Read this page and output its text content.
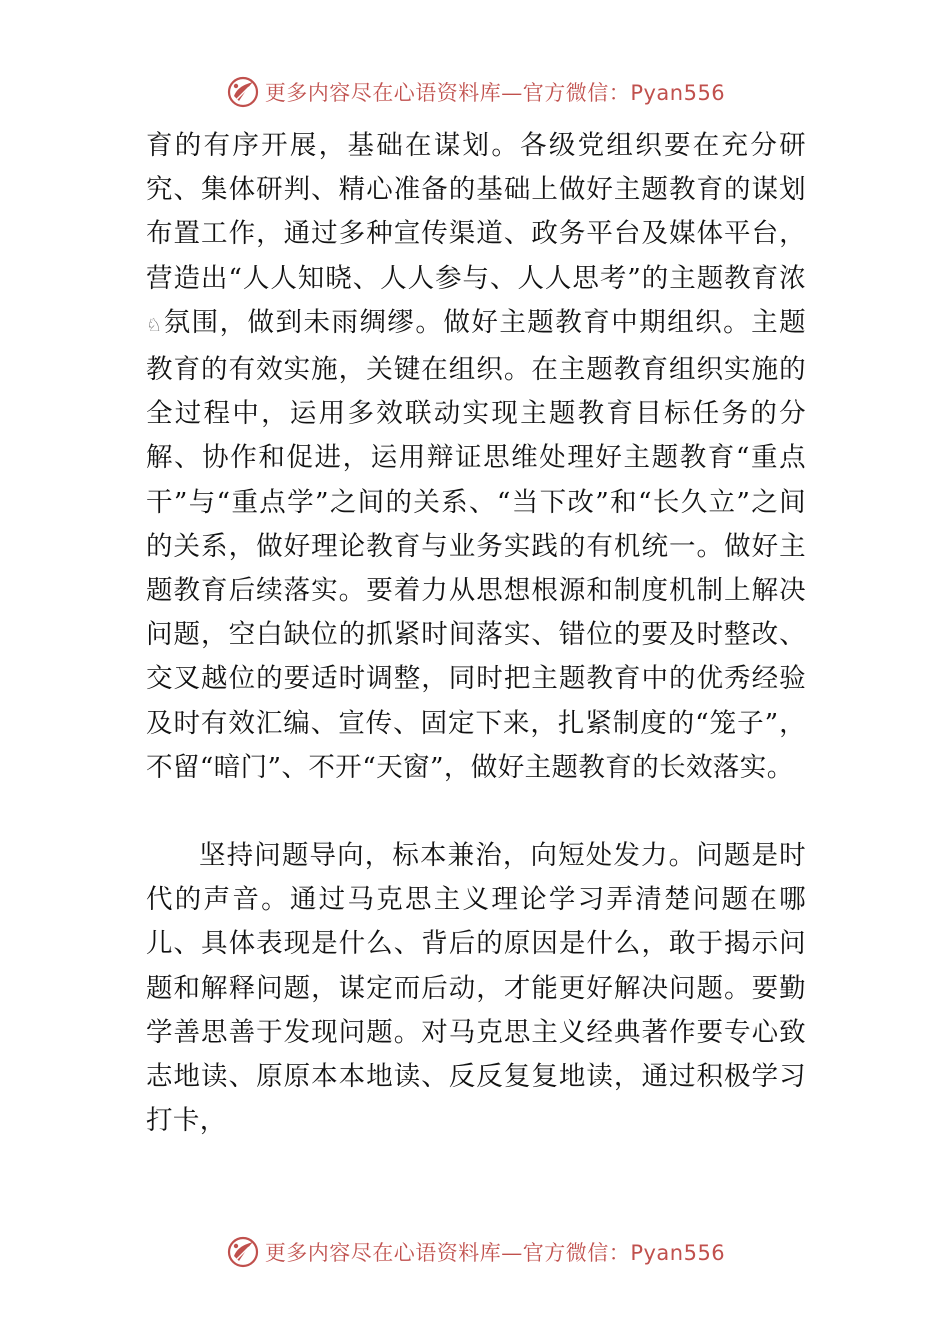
更多内容尽在心语资料库—官方微信：Pyan556

育的有序开展，基础在谋划。各级党组织要在充分研究、集体研判、精心准备的基础上做好主题教育的谋划布置工作，通过多种宣传渠道、政务平台及媒体平台，营造出“人人知晓、人人参与、人人思考”的主题教育浓♘氛围，做到未雨绸缪。做好主题教育中期组织。主题教育的有效实施，关键在组织。在主题教育组织实施的全过程中，运用多效联动实现主题教育目标任务的分解、协作和促进，运用辩证思维处理好主题教育“重点干”与“重点学”之间的关系、“当下改”和“长久立”之间的关系，做好理论教育与业务实践的有机统一。做好主题教育后续落实。要着力从思想根源和制度机制上解决问题，空白缺位的抓紧时间落实、错位的要及时整改、交叉越位的要适时调整，同时把主题教育中的优秀经验及时有效汇编、宣传、固定下来，扎紧制度的“笼子”，不留“暗门”、不开“天窗”，做好主题教育的长效落实。

坚持问题导向，标本兼治，向短处发力。问题是时代的声音。通过马克思主义理论学习弄清楚问题在哪儿、具体表现是什么、背后的原因是什么，敢于揭示问题和解释问题，谋定而后动，才能更好解决问题。要勤学善思善于发现问题。对马克思主义经典著作要专心致志地读、原原本本地读、反反复复地读，通过积极学习打卡，

更多内容尽在心语资料库—官方微信：Pyan556
